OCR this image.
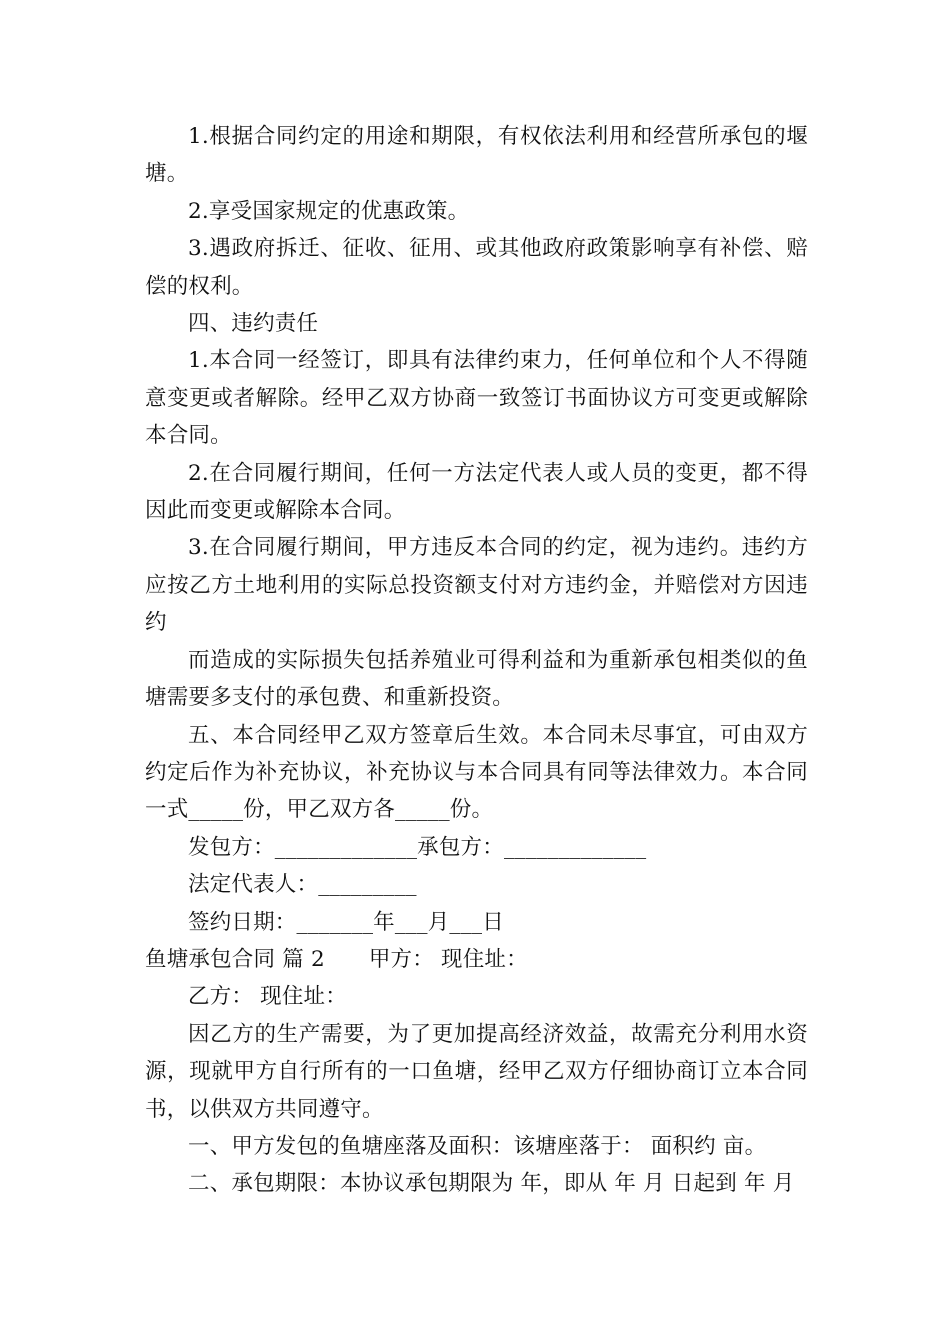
1.根据合同约定的用途和期限，有权依法利用和经营所承包的堰塘。

2.享受国家规定的优惠政策。

3.遇政府拆迁、征收、征用、或其他政府政策影响享有补偿、赔偿的权利。

四、违约责任

1.本合同一经签订，即具有法律约束力，任何单位和个人不得随意变更或者解除。经甲乙双方协商一致签订书面协议方可变更或解除本合同。

2.在合同履行期间，任何一方法定代表人或人员的变更，都不得因此而变更或解除本合同。

3.在合同履行期间，甲方违反本合同的约定，视为违约。违约方应按乙方土地利用的实际总投资额支付对方违约金，并赔偿对方因违约

而造成的实际损失包括养殖业可得利益和为重新承包相类似的鱼塘需要多支付的承包费、和重新投资。

五、本合同经甲乙双方签章后生效。本合同未尽事宜，可由双方约定后作为补充协议，补充协议与本合同具有同等法律效力。本合同一式_____份，甲乙双方各_____份。

发包方：_____________承包方：_____________

法定代表人：_________

签约日期：_______年___月___日

鱼塘承包合同 篇 2 甲方： 现住址：

乙方： 现住址：

因乙方的生产需要，为了更加提高经济效益，故需充分利用水资源，现就甲方自行所有的一口鱼塘，经甲乙双方仔细协商订立本合同书，以供双方共同遵守。

一、甲方发包的鱼塘座落及面积：该塘座落于： 面积约 亩。

二、承包期限：本协议承包期限为 年，即从 年 月 日起到 年 月
